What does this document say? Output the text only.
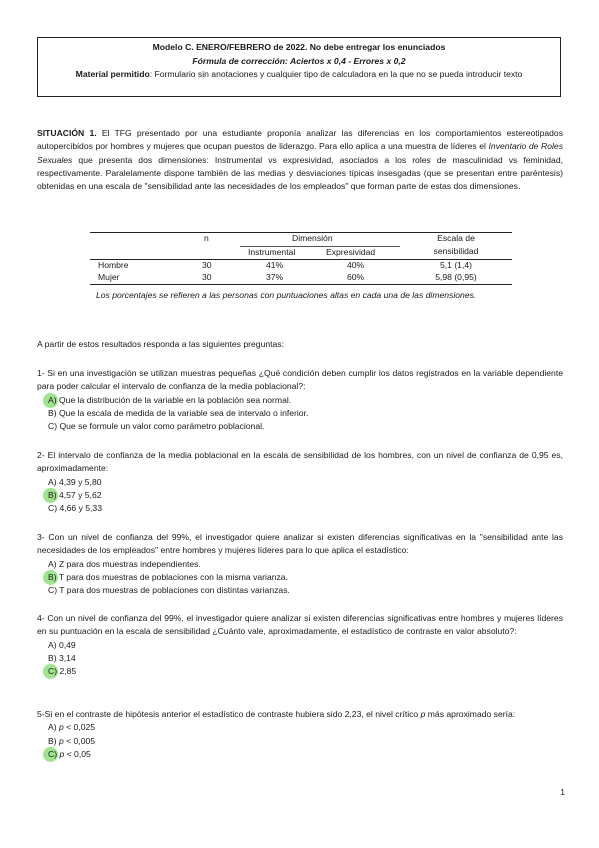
Modelo C. ENERO/FEBRERO de 2022. No debe entregar los enunciados
Fórmula de corrección: Aciertos x 0,4 - Errores x 0,2
Material permitido: Formulario sin anotaciones y cualquier tipo de calculadora en la que no se pueda introducir texto
SITUACIÓN 1. El TFG presentado por una estudiante proponía analizar las diferencias en los comportamientos estereotipados autopercibidos por hombres y mujeres que ocupan puestos de liderazgo. Para ello aplica a una muestra de líderes el Inventario de Roles Sexuales que presenta dos dimensiones: Instrumental vs expresividad, asociados a los roles de masculinidad vs feminidad, respectivamente. Paralelamente dispone también de las medias y desviaciones típicas insesgadas (que se presentan entre paréntesis) obtenidas en una escala de "sensibilidad ante las necesidades de los empleados" que forman parte de estas dos dimensiones.
n	Dimensión	Escala de
sensibilidad
Instrumental	Expresividad
Hombre	30	41%	40%	5,1 (1,4)
Mujer	30	37%	60%	5,98 (0,95)
Los porcentajes se refieren a las personas con puntuaciones altas en cada una de las dimensiones.
A partir de estos resultados responda a las siguientes preguntas:
1- Si en una investigación se utilizan muestras pequeñas ¿Qué condición deben cumplir los datos registrados en la variable dependiente para poder calcular el intervalo de confianza de la media poblacional?:
A) Que la distribución de la variable en la población sea normal.
B) Que la escala de medida de la variable sea de intervalo o inferior.
C) Que se formule un valor como parámetro poblacional.
2- El intervalo de confianza de la media poblacional en la escala de sensibilidad de los hombres, con un nivel de confianza de 0,95 es, aproximadamente:
A) 4,39 y 5,80
B) 4,57 y 5,62
C) 4,66 y 5,33
3- Con un nivel de confianza del 99%, el investigador quiere analizar si existen diferencias significativas en la "sensibilidad ante las necesidades de los empleados" entre hombres y mujeres líderes para lo que aplica el estadístico:
A) Z para dos muestras independientes.
B) T para dos muestras de poblaciones con la misma varianza.
C) T para dos muestras de poblaciones con distintas varianzas.
4- Con un nivel de confianza del 99%, el investigador quiere analizar si existen diferencias significativas entre hombres y mujeres líderes en su puntuación en la escala de sensibilidad ¿Cuánto vale, aproximadamente, el estadístico de contraste en valor absoluto?:
A) 0,49
B) 3,14
C) 2,85
5-Si en el contraste de hipótesis anterior el estadístico de contraste hubiera sido 2,23, el nivel crítico p más aproximado sería:
A) p < 0,025
B) p < 0,005
C) p < 0,05
1
